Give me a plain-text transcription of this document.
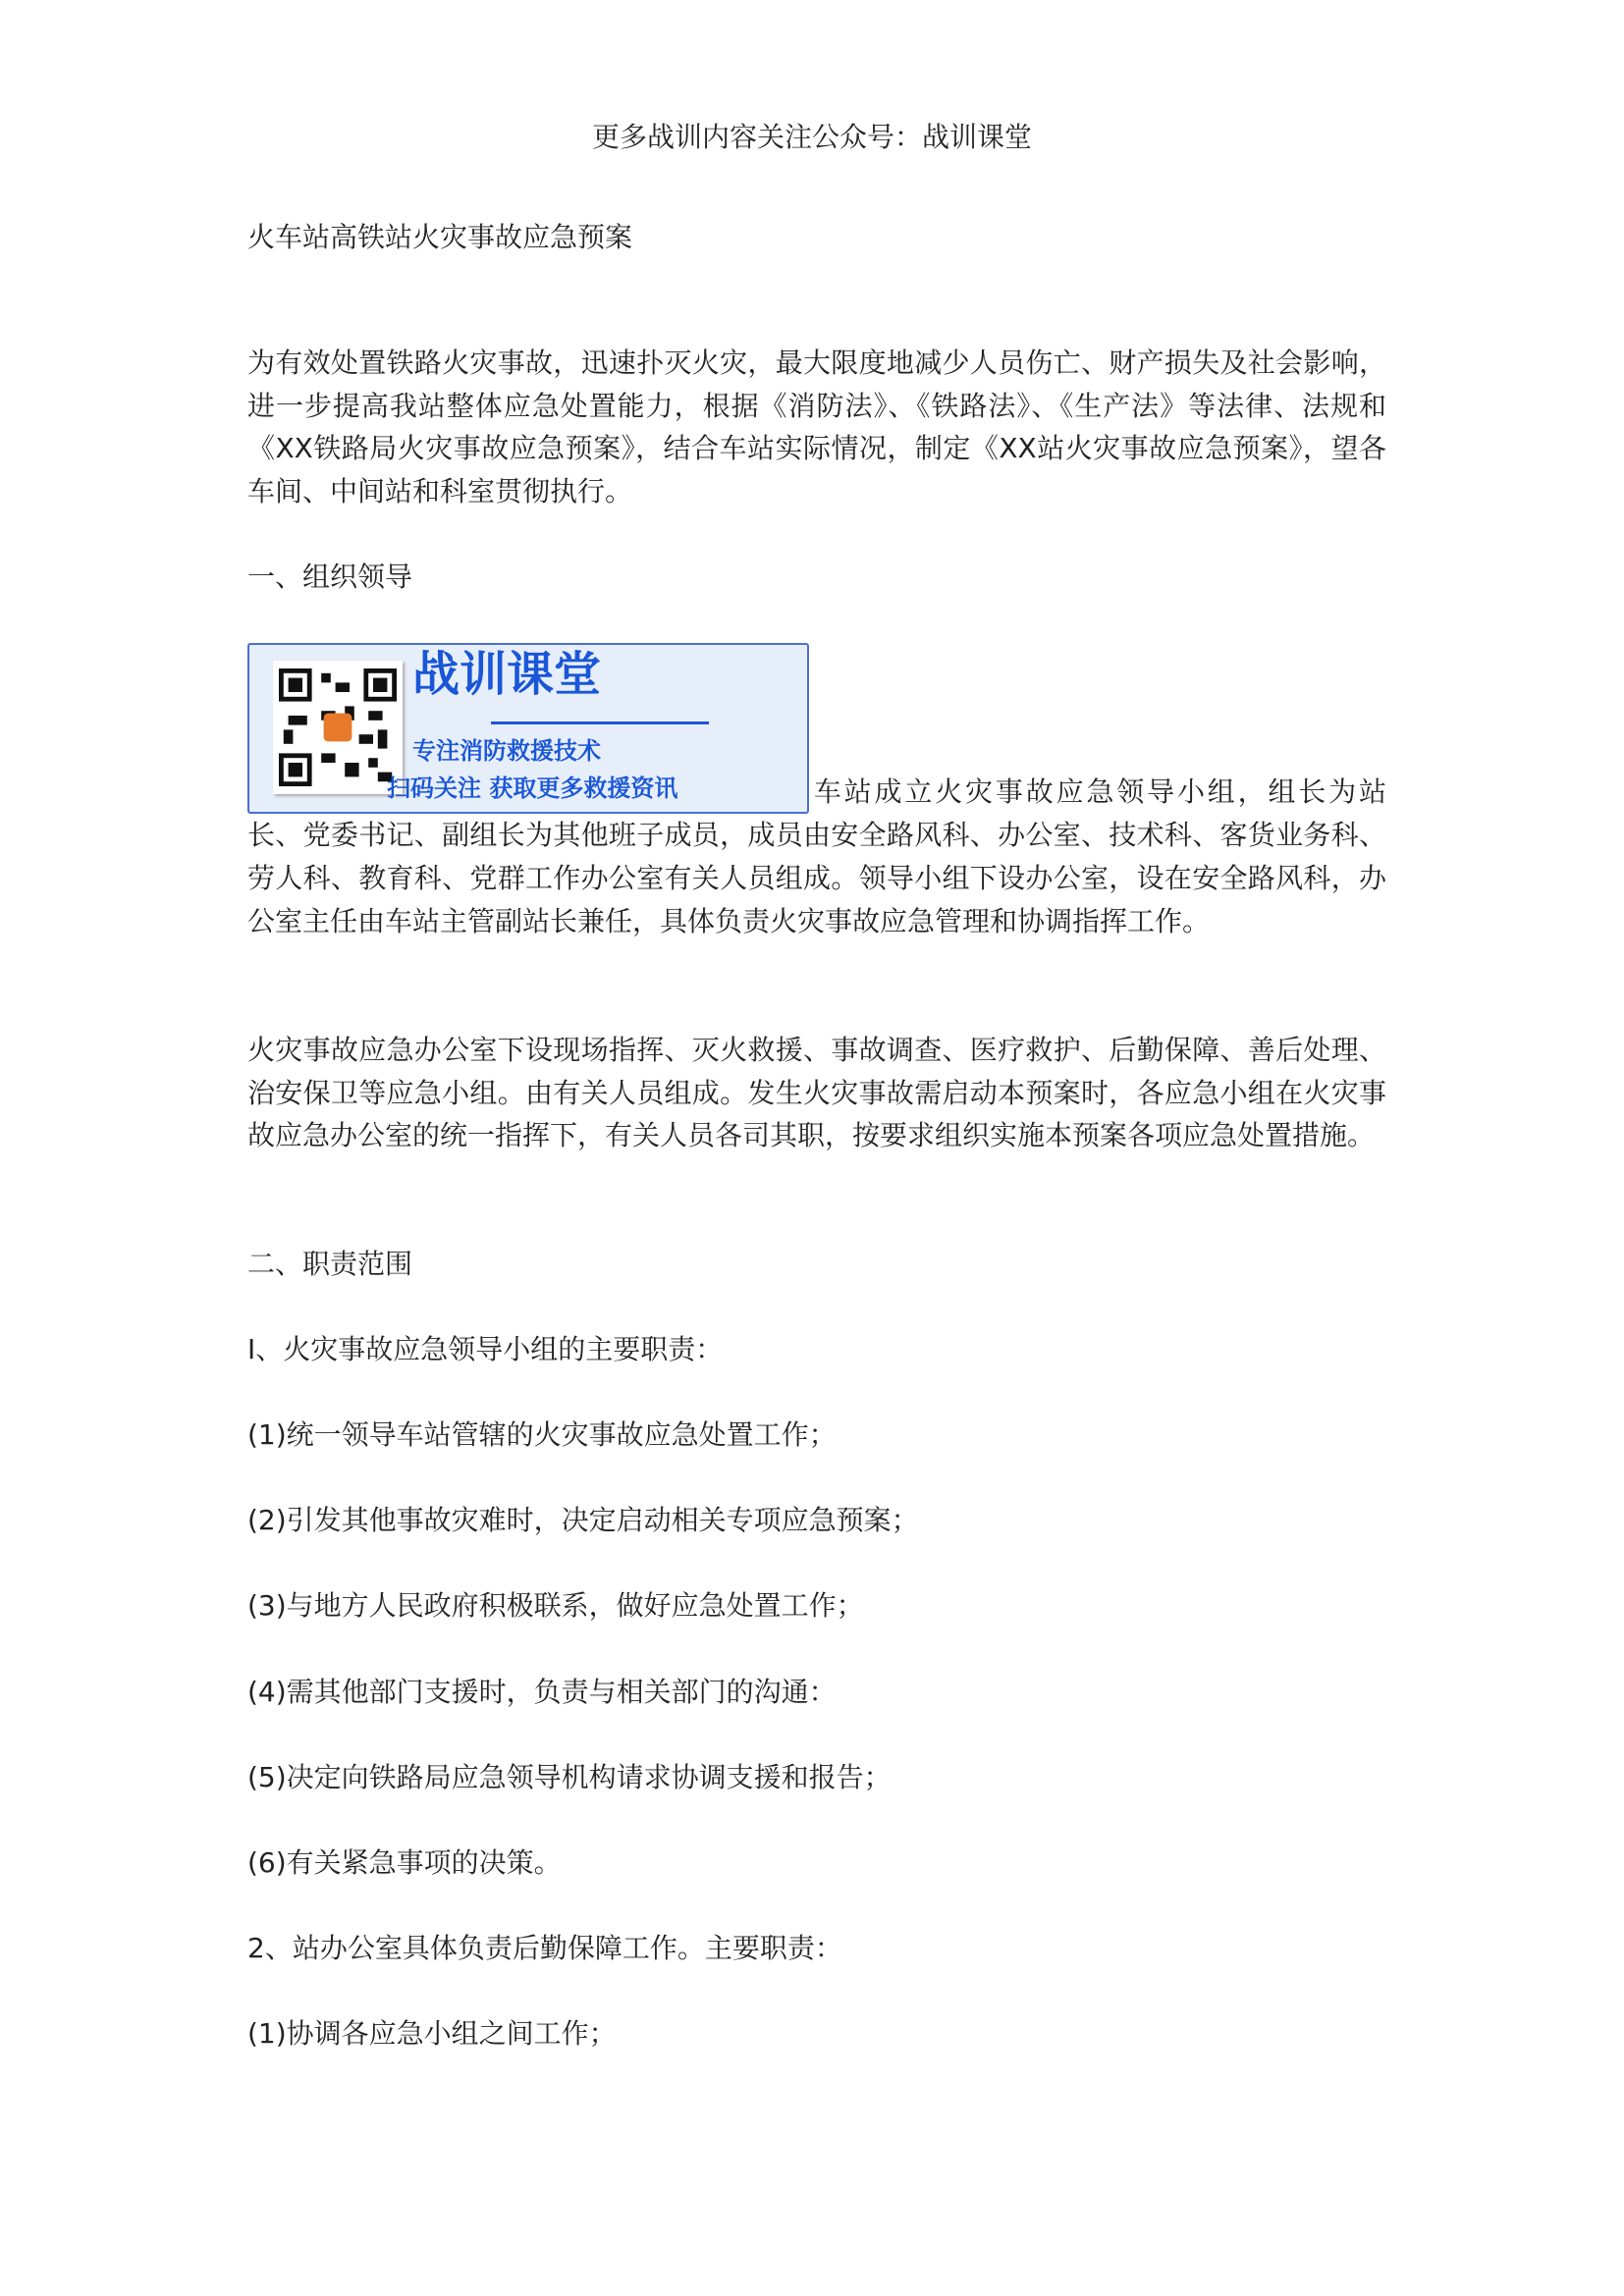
更多战训内容关注公众号：战训课堂
火车站高铁站火灾事故应急预案
为有效处置铁路火灾事故，迅速扑灭火灾，最大限度地减少人员伤亡、财产损失及社会影响，进一步提高我站整体应急处置能力，根据《消防法》、《铁路法》、《生产法》等法律、法规和《XX铁路局火灾事故应急预案》，结合车站实际情况，制定《XX站火灾事故应急预案》，望各车间、中间站和科室贯彻执行。
一、组织领导
战训课堂
专注消防救援技术
扫码关注 获取更多救援资讯	车站成立火灾事故应急领导小组，组长为站长、党委书记、副组长为其他班子成员，成员由安全路风科、办公室、技术科、客货业务科、劳人科、教育科、党群工作办公室有关人员组成。领导小组下设办公室，设在安全路风科，办公室主任由车站主管副站长兼任，具体负责火灾事故应急管理和协调指挥工作。
火灾事故应急办公室下设现场指挥、灭火救援、事故调查、医疗救护、后勤保障、善后处理、治安保卫等应急小组。由有关人员组成。发生火灾事故需启动本预案时，各应急小组在火灾事故应急办公室的统一指挥下，有关人员各司其职，按要求组织实施本预案各项应急处置措施。
二、职责范围
I、火灾事故应急领导小组的主要职责：
(1)统一领导车站管辖的火灾事故应急处置工作；
(2)引发其他事故灾难时，决定启动相关专项应急预案；
(3)与地方人民政府积极联系，做好应急处置工作；
(4)需其他部门支援时，负责与相关部门的沟通：
(5)决定向铁路局应急领导机构请求协调支援和报告；
(6)有关紧急事项的决策。
2、站办公室具体负责后勤保障工作。主要职责：
(1)协调各应急小组之间工作；
